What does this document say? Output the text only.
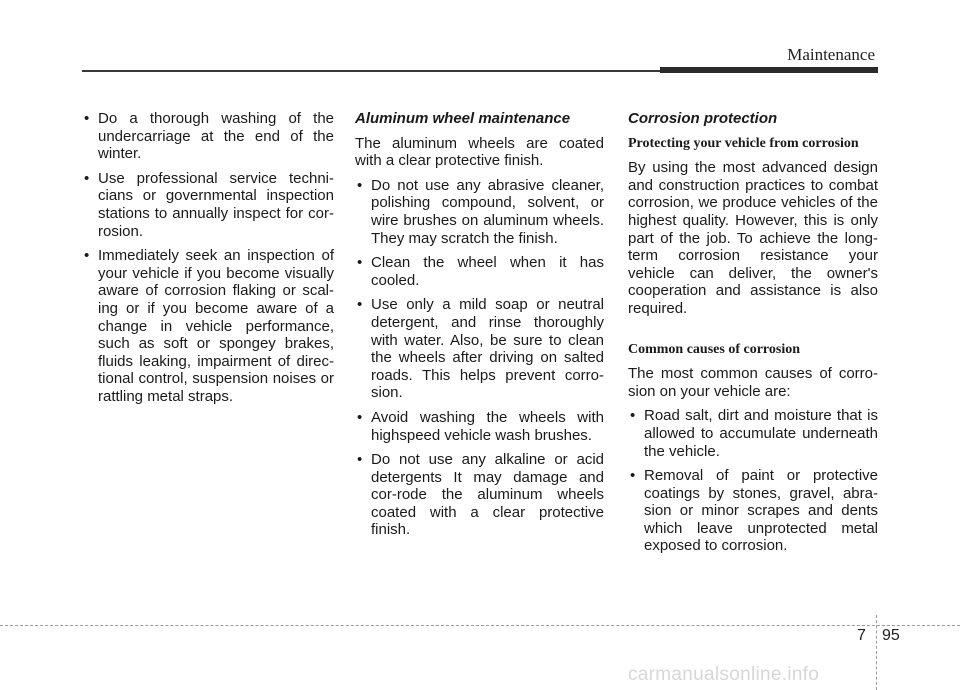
Maintenance
• Do a thorough washing of the undercarriage at the end of the winter.
• Use professional service techni-cians or governmental inspection stations to annually inspect for cor-rosion.
• Immediately seek an inspection of your vehicle if you become visually aware of corrosion flaking or scal-ing or if you become aware of a change in vehicle performance, such as soft or spongey brakes, fluids leaking, impairment of direc-tional control, suspension noises or rattling metal straps.
Aluminum wheel maintenance

The aluminum wheels are coated with a clear protective finish.

• Do not use any abrasive cleaner, polishing compound, solvent, or wire brushes on aluminum wheels. They may scratch the finish.
• Clean the wheel when it has cooled.
• Use only a mild soap or neutral detergent, and rinse thoroughly with water. Also, be sure to clean the wheels after driving on salted roads. This helps prevent corro-sion.
• Avoid washing the wheels with highspeed vehicle wash brushes.
• Do not use any alkaline or acid detergents It may damage and cor-rode the aluminum wheels coated with a clear protective finish.
Corrosion protection
Protecting your vehicle from corrosion

By using the most advanced design and construction practices to combat corrosion, we produce vehicles of the highest quality. However, this is only part of the job. To achieve the long-term corrosion resistance your vehicle can deliver, the owner's cooperation and assistance is also required.

Common causes of corrosion

The most common causes of corro-sion on your vehicle are:

• Road salt, dirt and moisture that is allowed to accumulate underneath the vehicle.
• Removal of paint or protective coatings by stones, gravel, abra-sion or minor scrapes and dents which leave unprotected metal exposed to corrosion.
7 95
carmanualsonline.info
